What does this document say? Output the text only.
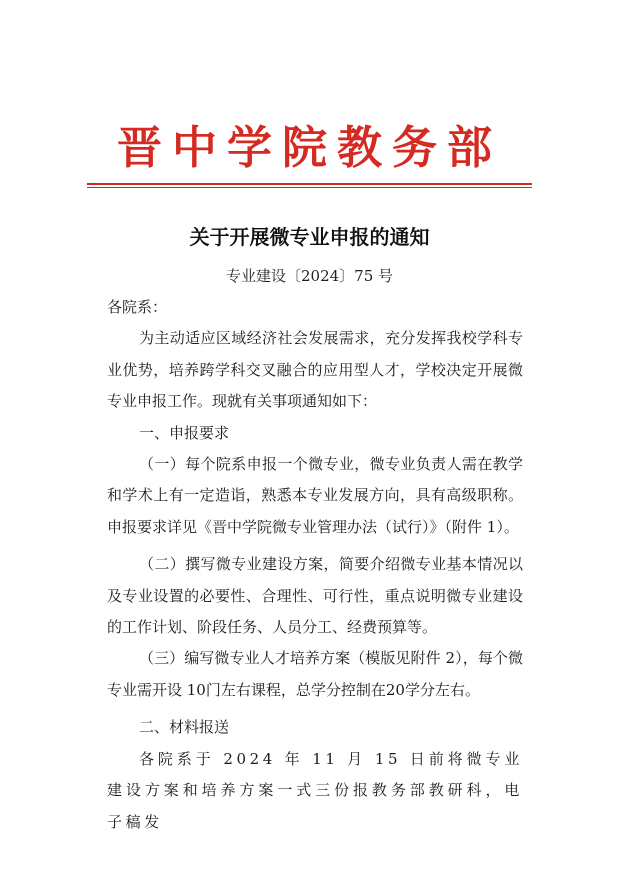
晋中学院教务部
关于开展微专业申报的通知
专业建设〔2024〕75 号

各院系：

为主动适应区域经济社会发展需求，充分发挥我校学科专业优势，培养跨学科交叉融合的应用型人才，学校决定开展微专业申报工作。现就有关事项通知如下：

一、申报要求

（一）每个院系申报一个微专业，微专业负责人需在教学和学术上有一定造诣，熟悉本专业发展方向，具有高级职称。申报要求详见《晋中学院微专业管理办法（试行）》（附件 1）。

（二）撰写微专业建设方案，简要介绍微专业基本情况以及专业设置的必要性、合理性、可行性，重点说明微专业建设的工作计划、阶段任务、人员分工、经费预算等。

（三）编写微专业人才培养方案（模版见附件 2），每个微专业需开设 10门左右课程，总学分控制在20学分左右。

二、材料报送

各院系于 2024 年 11 月 15 日前将微专业建设方案和培养方案一式三份报教务部教研科，电子稿发
